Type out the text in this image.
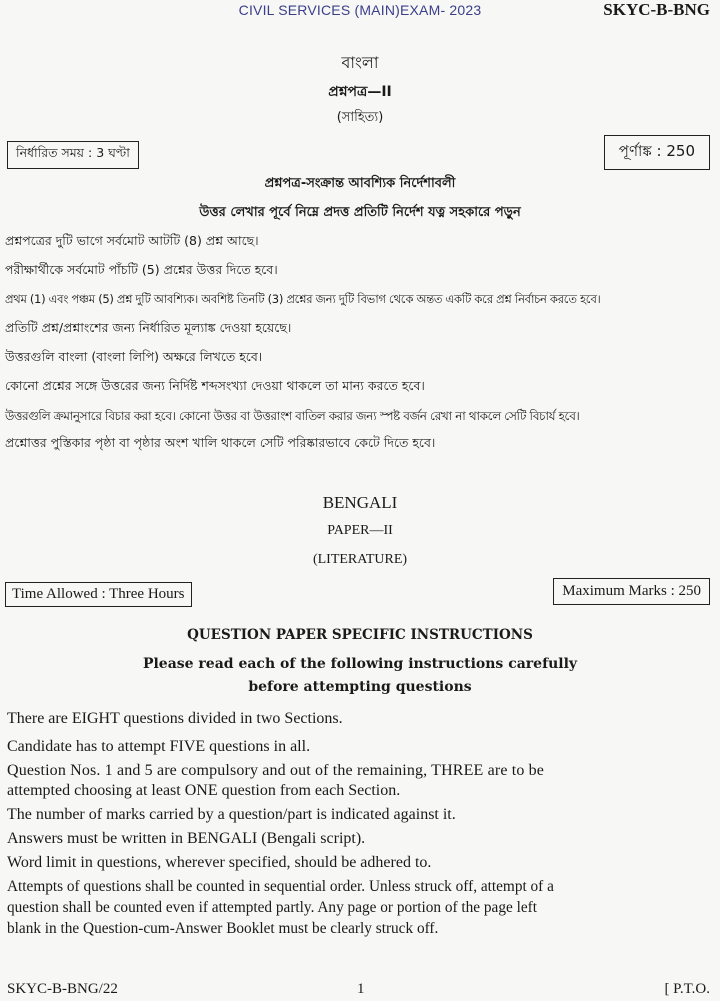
CIVIL SERVICES (MAIN)EXAM- 2023	SKYC-B-BNG
বাংলা
প্রশ্নপত্র—II
(সাহিত্য)
নির্ধারিত সময় : 3 ঘণ্টা	পূর্ণাঙ্ক : 250
প্রশ্নপত্র-সংক্রান্ত আবশ্যিক নির্দেশাবলী
উত্তর লেখার পূর্বে নিম্নে প্রদত্ত প্রতিটি নির্দেশ যত্ন সহকারে পড়ুন
প্রশ্নপত্রের দুটি ভাগে সর্বমোট আটটি (8) প্রশ্ন আছে।
পরীক্ষার্থীকে সর্বমোট পাঁচটি (5) প্রশ্নের উত্তর দিতে হবে।
প্রথম (1) এবং পঞ্চম (5) প্রশ্ন দুটি আবশ্যিক। অবশিষ্ট তিনটি (3) প্রশ্নের জন্য দুটি বিভাগ থেকে অন্তত একটি করে প্রশ্ন নির্বাচন করতে হবে।
প্রতিটি প্রশ্ন/প্রশ্নাংশের জন্য নির্ধারিত মূল্যাঙ্ক দেওয়া হয়েছে।
উত্তরগুলি বাংলা (বাংলা লিপি) অক্ষরে লিখতে হবে।
কোনো প্রশ্নের সঙ্গে উত্তরের জন্য নির্দিষ্ট শব্দসংখ্যা দেওয়া থাকলে তা মান্য করতে হবে।
উত্তরগুলি ক্রমানুসারে বিচার করা হবে। কোনো উত্তর বা উত্তরাংশ বাতিল করার জন্য স্পষ্ট বর্জন রেখা না থাকলে সেটি বিচার্য হবে।
প্রশ্নোত্তর পুস্তিকার পৃষ্ঠা বা পৃষ্ঠার অংশ খালি থাকলে সেটি পরিষ্কারভাবে কেটে দিতে হবে।
BENGALI
PAPER—II
(LITERATURE)
Time Allowed : Three Hours	Maximum Marks : 250
QUESTION PAPER SPECIFIC INSTRUCTIONS
Please read each of the following instructions carefully
before attempting questions
There are EIGHT questions divided in two Sections.
Candidate has to attempt FIVE questions in all.
Question Nos. 1 and 5 are compulsory and out of the remaining, THREE are to be
attempted choosing at least ONE question from each Section.
The number of marks carried by a question/part is indicated against it.
Answers must be written in BENGALI (Bengali script).
Word limit in questions, wherever specified, should be adhered to.
Attempts of questions shall be counted in sequential order. Unless struck off, attempt of a
question shall be counted even if attempted partly. Any page or portion of the page left
blank in the Question-cum-Answer Booklet must be clearly struck off.
SKYC-B-BNG/22	1	[ P.T.O.
